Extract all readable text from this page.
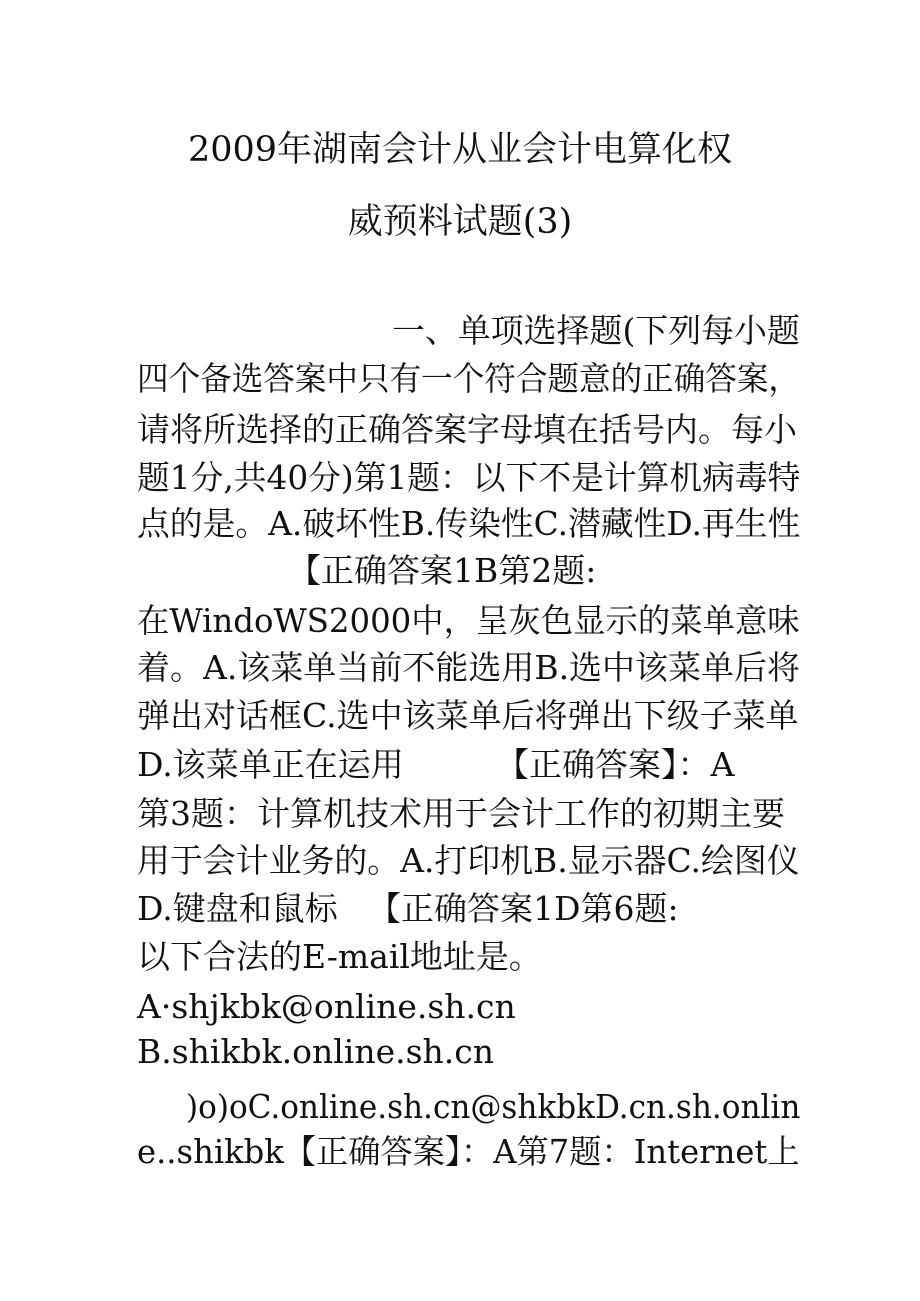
2009年湖南会计从业会计电算化权
威预料试题(3)
一、单项选择题(下列每小题
四个备选答案中只有一个符合题意的正确答案，
请将所选择的正确答案字母填在括号内。每小
题1分,共40分)第1题：以下不是计算机病毒特
点的是。A.破坏性B.传染性C.潜藏性D.再生性
【正确答案1B第2题:
在WindoWS2000中，呈灰色显示的菜单意味
着。A.该菜单当前不能选用B.选中该菜单后将
弹出对话框C.选中该菜单后将弹出下级子菜单
D.该菜单正在运用	【正确答案】：A
第3题：计算机技术用于会计工作的初期主要
用于会计业务的。A.打印机B.显示器C.绘图仪
D.键盘和鼠标 【正确答案1D第6题:
以下合法的E-mail地址是。
A·shjkbk@online.sh.cn
B.shikbk.online.sh.cn
)o)oC.online.sh.cn@shkbkD.cn.sh.onlin
e..shikbk【正确答案】：A第7题：Internet上
